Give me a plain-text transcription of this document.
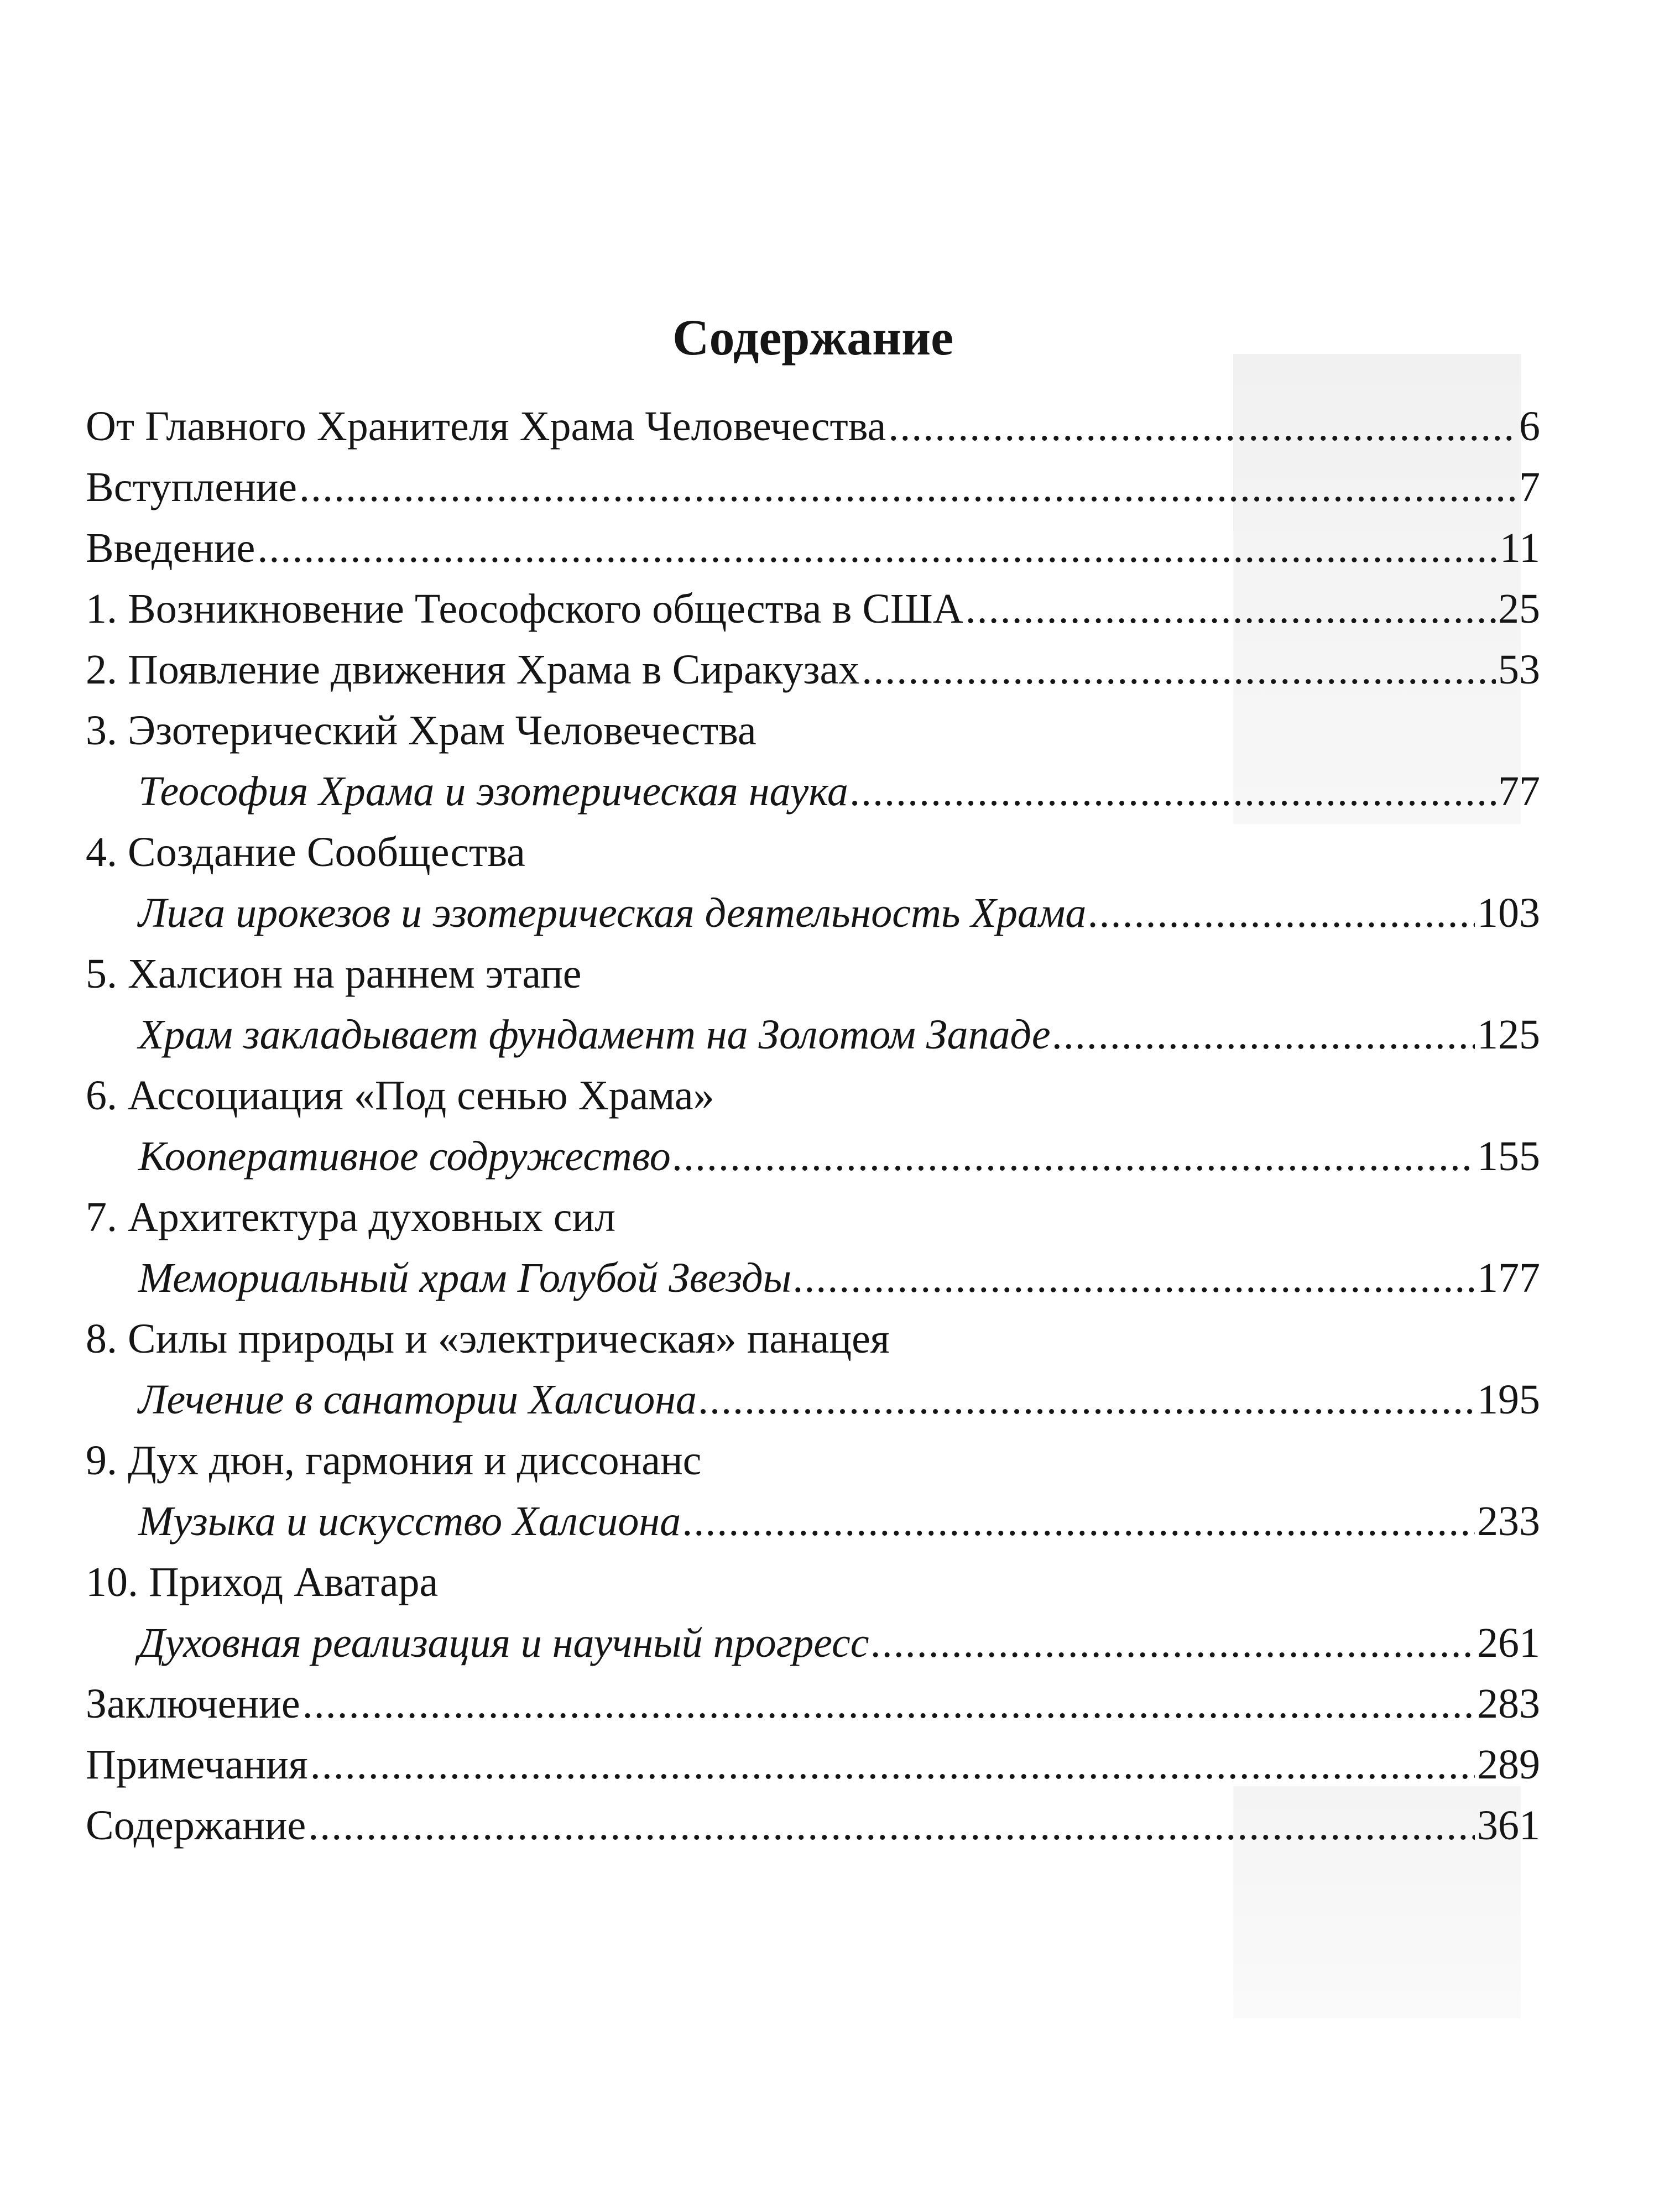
Содержание
От Главного Хранителя Храма Человечества .....	6
Вступление .....	7
Введение .....	11
1. Возникновение Теософского общества в США .....	25
2. Появление движения Храма в Сиракузах .....	53
3. Эзотерический Храм Человечества
Теософия Храма и эзотерическая наука .....	77
4. Создание Сообщества
Лига ирокезов и эзотерическая деятельность Храма .....	103
5. Халсион на раннем этапе
Храм закладывает фундамент на Золотом Западе .....	125
6. Ассоциация «Под сенью Храма»
Кооперативное содружество .....	155
7. Архитектура духовных сил
Мемориальный храм Голубой Звезды .....	177
8. Силы природы и «электрическая» панацея
Лечение в санатории Халсиона .....	195
9. Дух дюн, гармония и диссонанс
Музыка и искусство Халсиона .....	233
10. Приход Аватара
Духовная реализация и научный прогресс .....	261
Заключение .....	283
Примечания .....	289
Содержание .....	361
